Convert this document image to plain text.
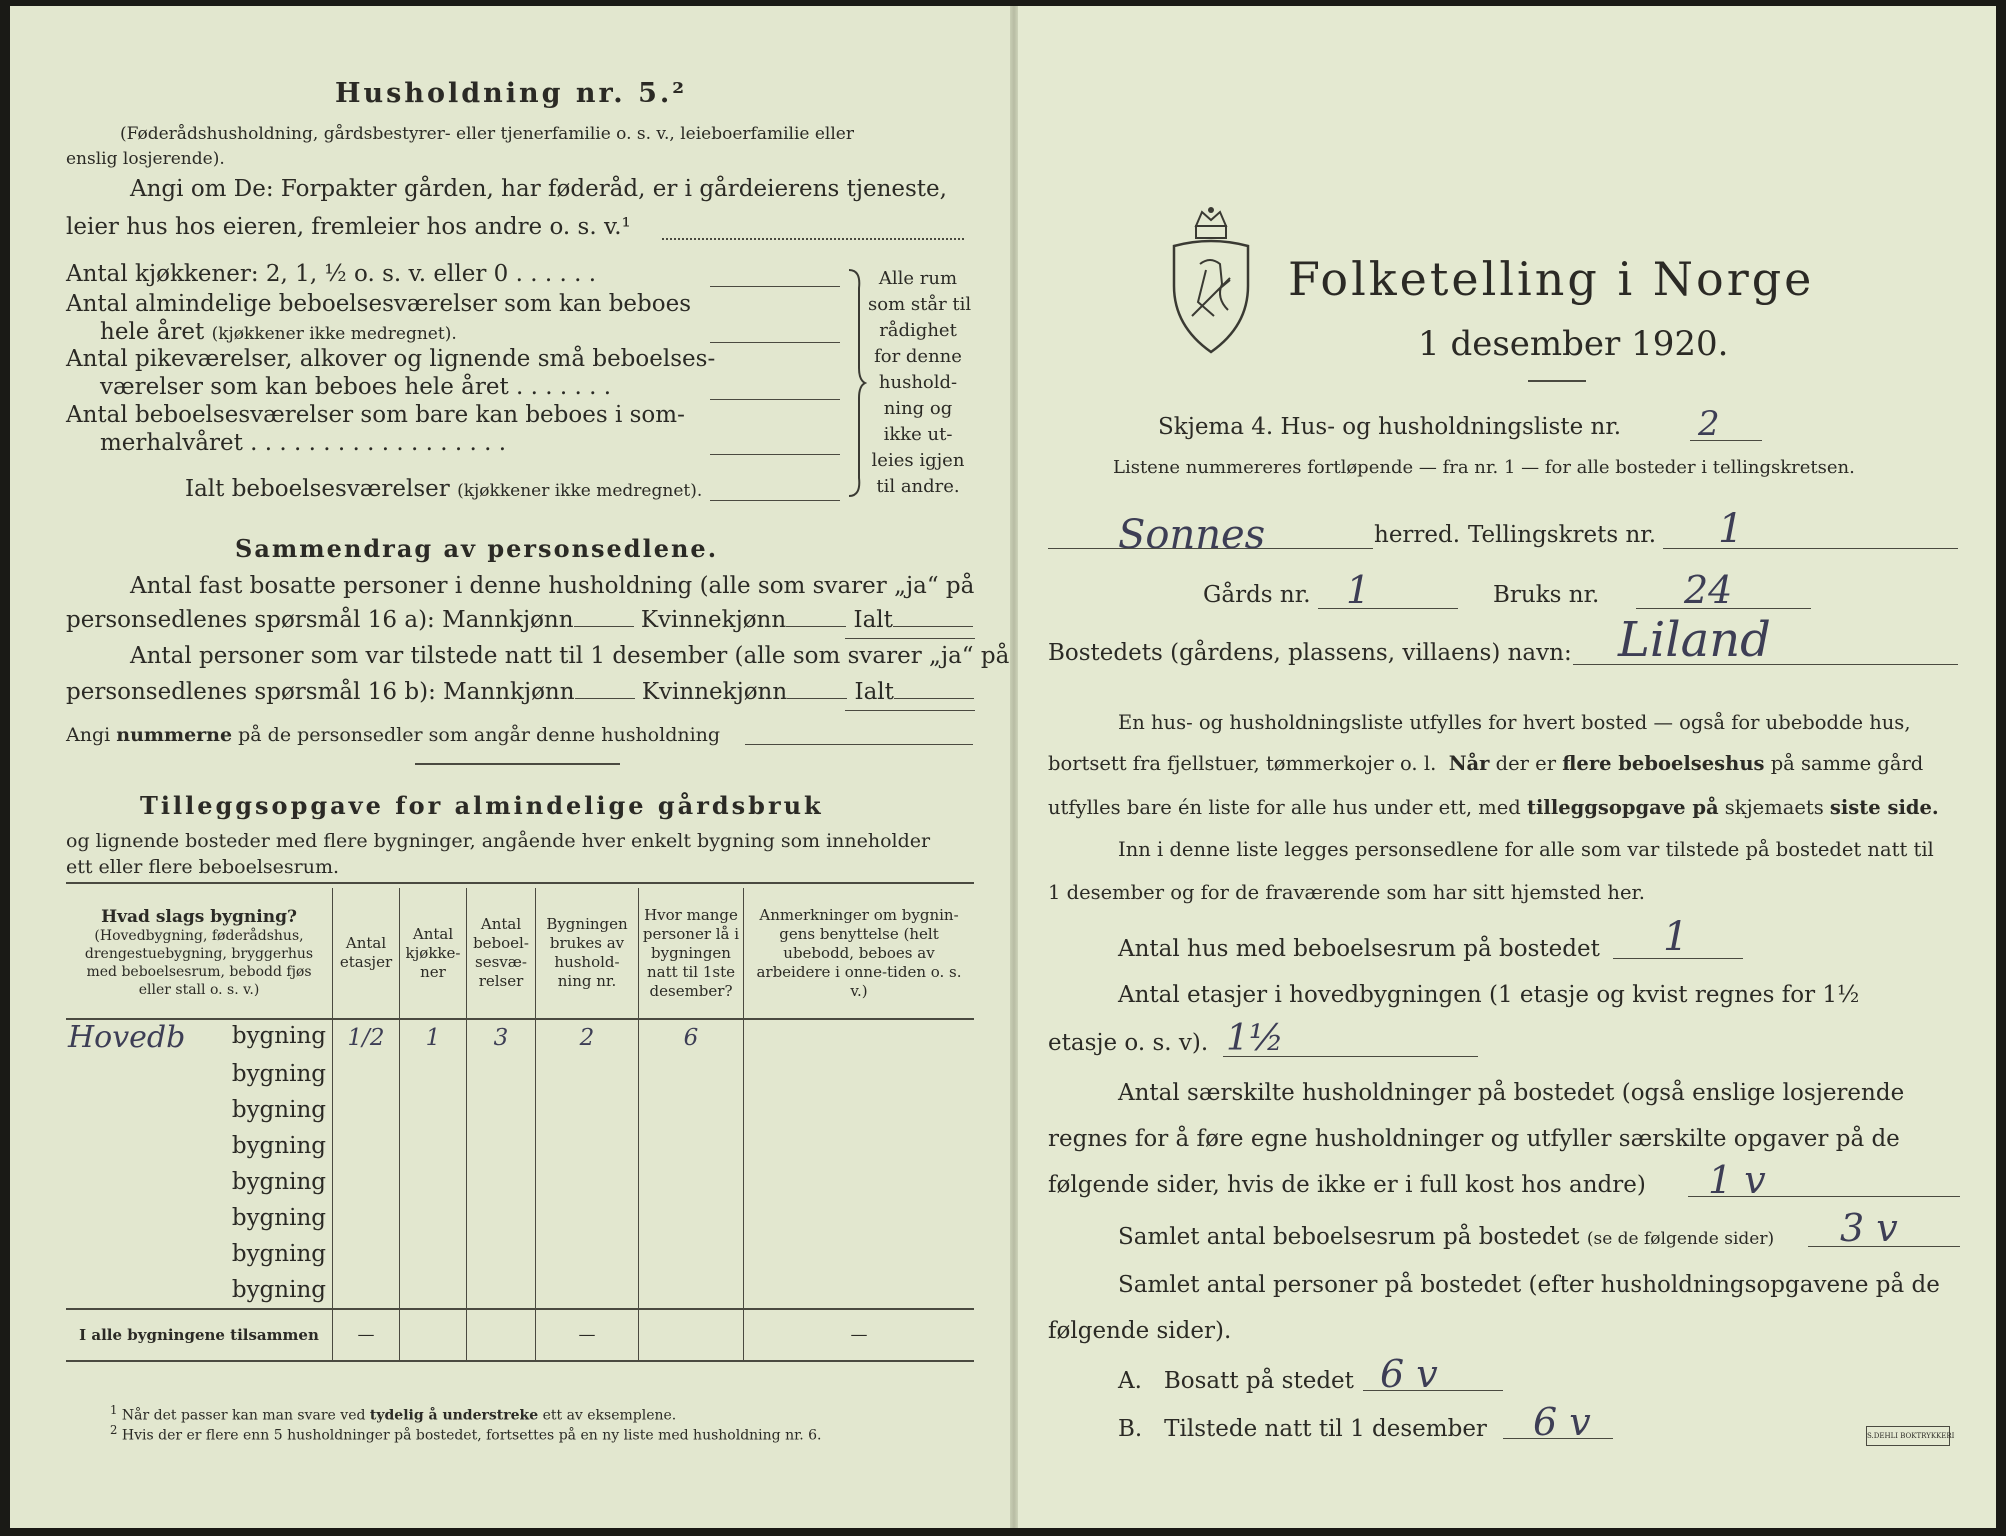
Husholdning nr. 5.²
(Føderådshusholdning, gårdsbestyrer- eller tjenerfamilie o. s. v., leieboerfamilie eller
enslig losjerende).
Angi om De: Forpakter gården, har føderåd, er i gårdeierens tjeneste,
leier hus hos eieren, fremleier hos andre o. s. v.¹
Antal kjøkkener: 2, 1, ½ o. s. v. eller 0 . . . . . .
Antal almindelige beboelsesværelser som kan beboes
hele året (kjøkkener ikke medregnet).
Antal pikeværelser, alkover og lignende små beboelses-
værelser som kan beboes hele året . . . . . . .
Antal beboelsesværelser som bare kan beboes i som-
merhalvåret . . . . . . . . . . . . . . . . . .
Ialt beboelsesværelser (kjøkkener ikke medregnet).
Alle rum
som står til
rådighet
for denne
hushold-
ning og
ikke ut-
leies igjen
til andre.
Sammendrag av personsedlene.
Antal fast bosatte personer i denne husholdning (alle som svarer „ja“ på
personsedlenes spørsmål 16 a): Mannkjønn	Kvinnekjønn	Ialt
Antal personer som var tilstede natt til 1 desember (alle som svarer „ja“ på
personsedlenes spørsmål 16 b): Mannkjønn	Kvinnekjønn	Ialt
Angi nummerne på de personsedler som angår denne husholdning
Tilleggsopgave for almindelige gårdsbruk
og lignende bosteder med flere bygninger, angående hver enkelt bygning som inneholder
ett eller flere beboelsesrum.
Hvad slags bygning?
(Hovedbygning, føderådshus, drengestuebygning, bryggerhus med beboelsesrum, bebodd fjøs eller stall o. s. v.)	Antal etasjer	Antal kjøkke-ner	Antal beboel-sesvæ-relser	Bygningen brukes av hushold-ning nr.	Hvor mange personer lå i bygningen natt til 1ste desember?	Anmerkninger om bygnin-gens benyttelse (helt ubebodd, beboes av arbeidere i onne-tiden o. s. v.)

Hovedb bygning	1/2	1	3	2	6	
bygning						
bygning						
bygning						
bygning						
bygning						
bygning						
bygning						
I alle bygningene tilsammen	—			—		—
$^1$ Når det passer kan man svare ved tydelig å understreke ett av eksemplene.
$^2$ Hvis der er flere enn 5 husholdninger på bostedet, fortsettes på en ny liste med husholdning nr. 6.
Folketelling i Norge
1 desember 1920.
Skjema 4. Hus- og husholdningsliste nr. 2
Listene nummereres fortløpende — fra nr. 1 — for alle bosteder i tellingskretsen.
Sonnes	herred. Tellingskrets nr. 1
Gårds nr. 1	Bruks nr. 24
Bostedets (gårdens, plassens, villaens) navn: Liland
En hus- og husholdningsliste utfylles for hvert bosted — også for ubebodde hus,
bortsett fra fjellstuer, tømmerkojer o. l. Når der er flere beboelseshus på samme gård
utfylles bare én liste for alle hus under ett, med tilleggsopgave på skjemaets siste side.
Inn i denne liste legges personsedlene for alle som var tilstede på bostedet natt til
1 desember og for de fraværende som har sitt hjemsted her.
Antal hus med beboelsesrum på bostedet 1
Antal etasjer i hovedbygningen (1 etasje og kvist regnes for 1½
etasje o. s. v). 1½
Antal særskilte husholdninger på bostedet (også enslige losjerende
regnes for å føre egne husholdninger og utfyller særskilte opgaver på de
følgende sider, hvis de ikke er i full kost hos andre) 1 v
Samlet antal beboelsesrum på bostedet (se de følgende sider) 3 v
Samlet antal personer på bostedet (efter husholdningsopgavene på de
følgende sider).
A. Bosatt på stedet 6 v
B. Tilstede natt til 1 desember 6 v	S.DEHLI BOKTRYKKERI
